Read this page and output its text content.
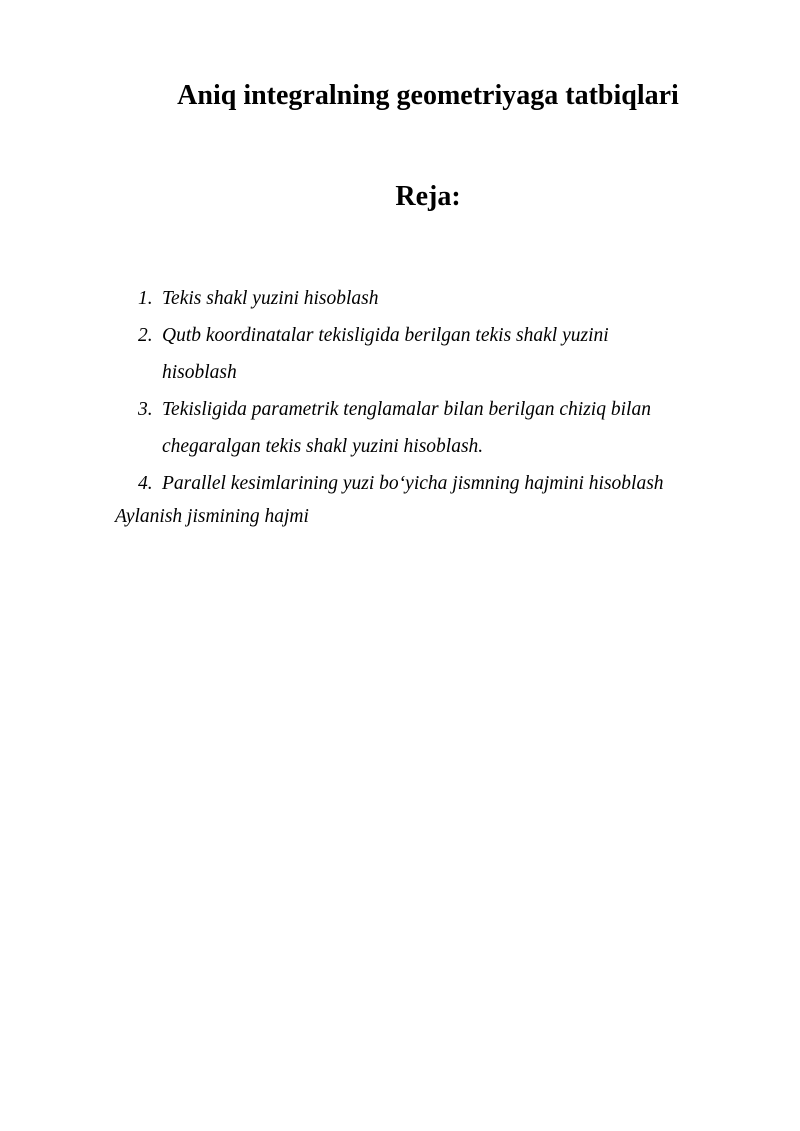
Aniq integralning geometriyaga tatbiqlari
Reja:
1. Tekis shakl yuzini hisoblash
2. Qutb koordinatalar tekisligida berilgan tekis shakl yuzini hisoblash
3. Tekisligida parametrik tenglamalar bilan berilgan chiziq bilan chegaralgan tekis shakl yuzini hisoblash.
4. Parallel kesimlarining yuzi bo‘yicha jismning hajmini hisoblash

Aylanish jismining hajmi
